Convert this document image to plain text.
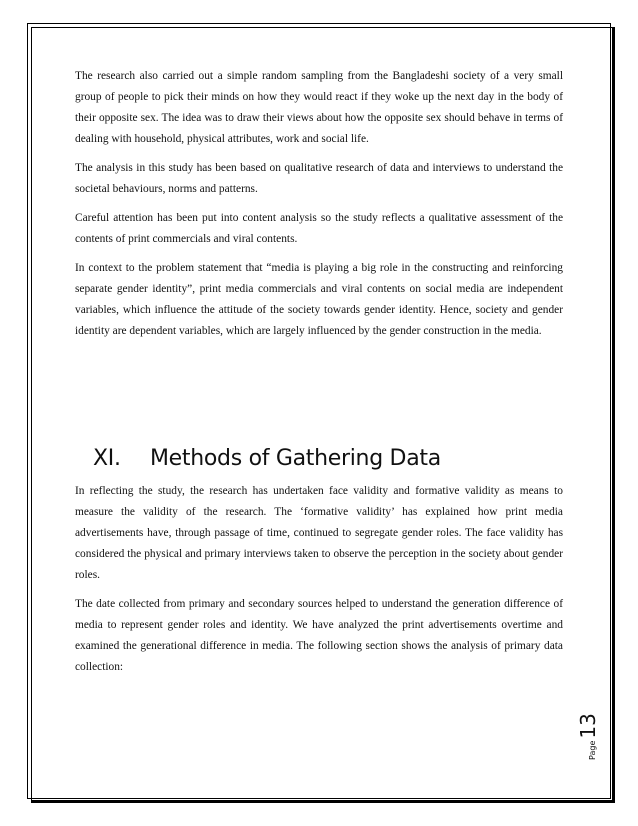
The research also carried out a simple random sampling from the Bangladeshi society of a very small group of people to pick their minds on how they would react if they woke up the next day in the body of their opposite sex. The idea was to draw their views about how the opposite sex should behave in terms of dealing with household, physical attributes, work and social life.

The analysis in this study has been based on qualitative research of data and interviews to understand the societal behaviours, norms and patterns.

Careful attention has been put into content analysis so the study reflects a qualitative assessment of the contents of print commercials and viral contents.

In context to the problem statement that “media is playing a big role in the constructing and reinforcing separate gender identity”, print media commercials and viral contents on social media are independent variables, which influence the attitude of the society towards gender identity. Hence, society and gender identity are dependent variables, which are largely influenced by the gender construction in the media.

XI. Methods of Gathering Data

In reflecting the study, the research has undertaken face validity and formative validity as means to measure the validity of the research. The ‘formative validity’ has explained how print media advertisements have, through passage of time, continued to segregate gender roles. The face validity has considered the physical and primary interviews taken to observe the perception in the society about gender roles.

The date collected from primary and secondary sources helped to understand the generation difference of media to represent gender roles and identity. We have analyzed the print advertisements overtime and examined the generational difference in media. The following section shows the analysis of primary data collection:

Page13
